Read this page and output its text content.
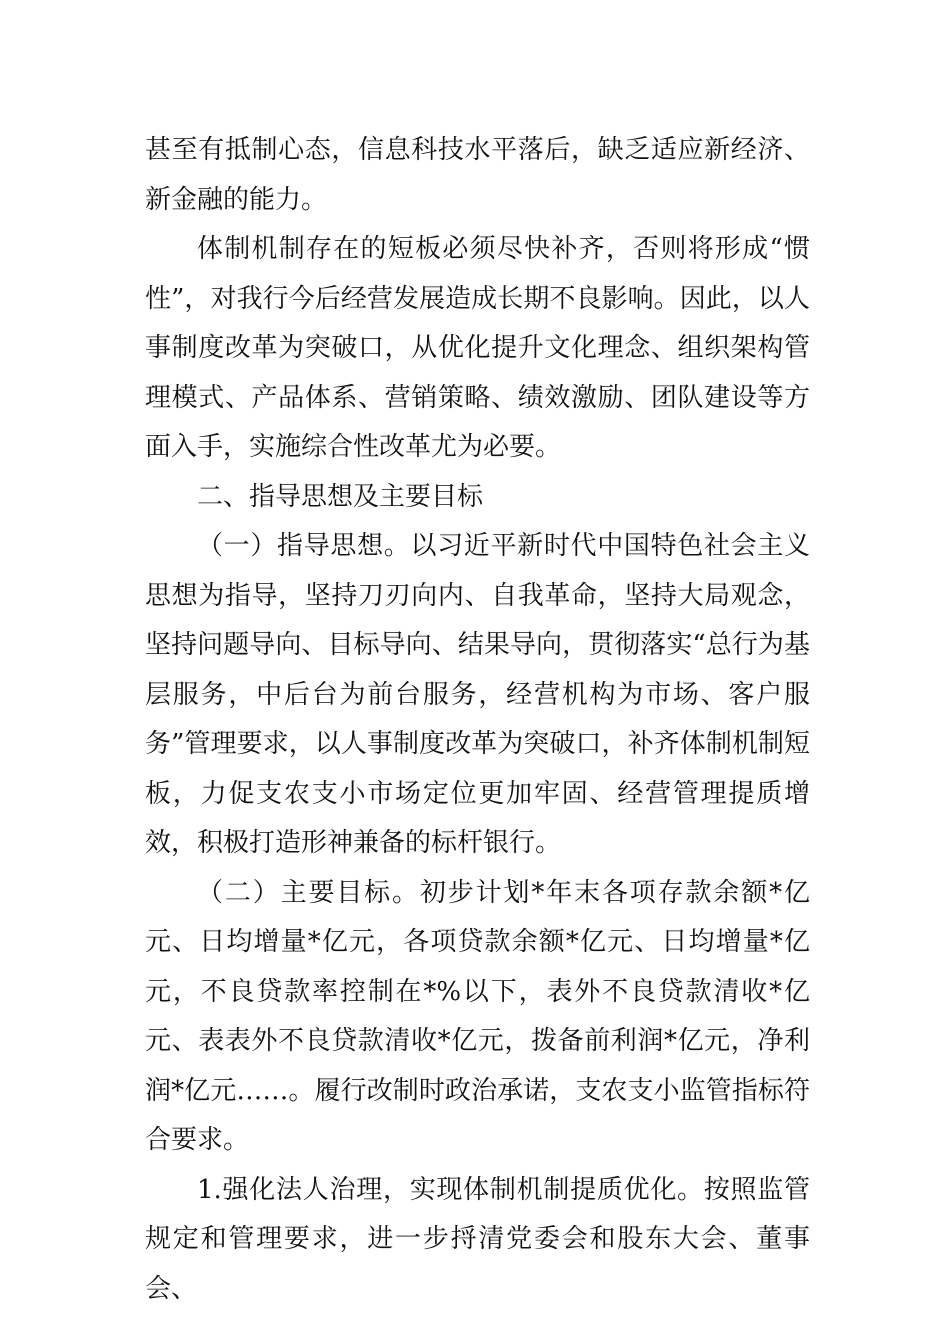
甚至有抵制心态，信息科技水平落后，缺乏适应新经济、新金融的能力。

体制机制存在的短板必须尽快补齐，否则将形成“惯性”，对我行今后经营发展造成长期不良影响。因此，以人事制度改革为突破口，从优化提升文化理念、组织架构管理模式、产品体系、营销策略、绩效激励、团队建设等方面入手，实施综合性改革尤为必要。

二、指导思想及主要目标

（一）指导思想。以习近平新时代中国特色社会主义思想为指导，坚持刀刃向内、自我革命，坚持大局观念，坚持问题导向、目标导向、结果导向，贯彻落实“总行为基层服务，中后台为前台服务，经营机构为市场、客户服务”管理要求，以人事制度改革为突破口，补齐体制机制短板，力促支农支小市场定位更加牢固、经营管理提质增效，积极打造形神兼备的标杆银行。

（二）主要目标。初步计划*年末各项存款余额*亿元、日均增量*亿元，各项贷款余额*亿元、日均增量*亿元，不良贷款率控制在*%以下，表外不良贷款清收*亿元、表表外不良贷款清收*亿元，拨备前利润*亿元，净利润*亿元……。履行改制时政治承诺，支农支小监管指标符合要求。

1.强化法人治理，实现体制机制提质优化。按照监管规定和管理要求，进一步捋清党委会和股东大会、董事会、
